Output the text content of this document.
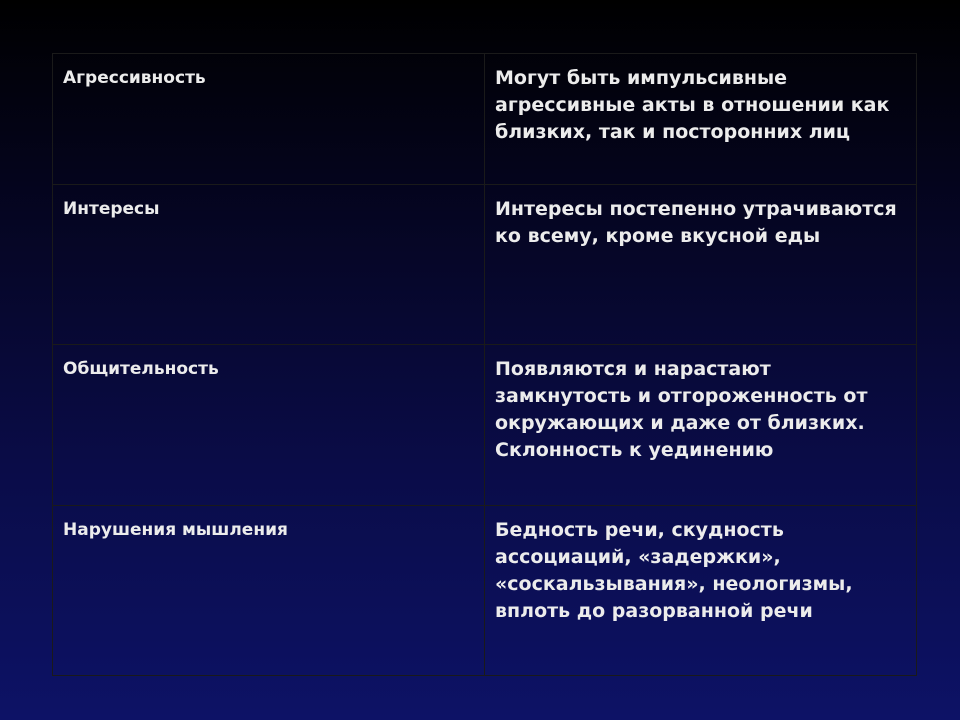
Агрессивность	Могут быть импульсивные агрессивные акты в отношении как близких, так и посторонних лиц
Интересы	Интересы постепенно утрачиваются ко всему, кроме вкусной еды
Общительность	Появляются и нарастают замкнутость и отгороженность от окружающих и даже от близких. Склонность к уединению
Нарушения мышления	Бедность речи, скудность ассоциаций, «задержки», «соскальзывания», неологизмы, вплоть до разорванной речи
